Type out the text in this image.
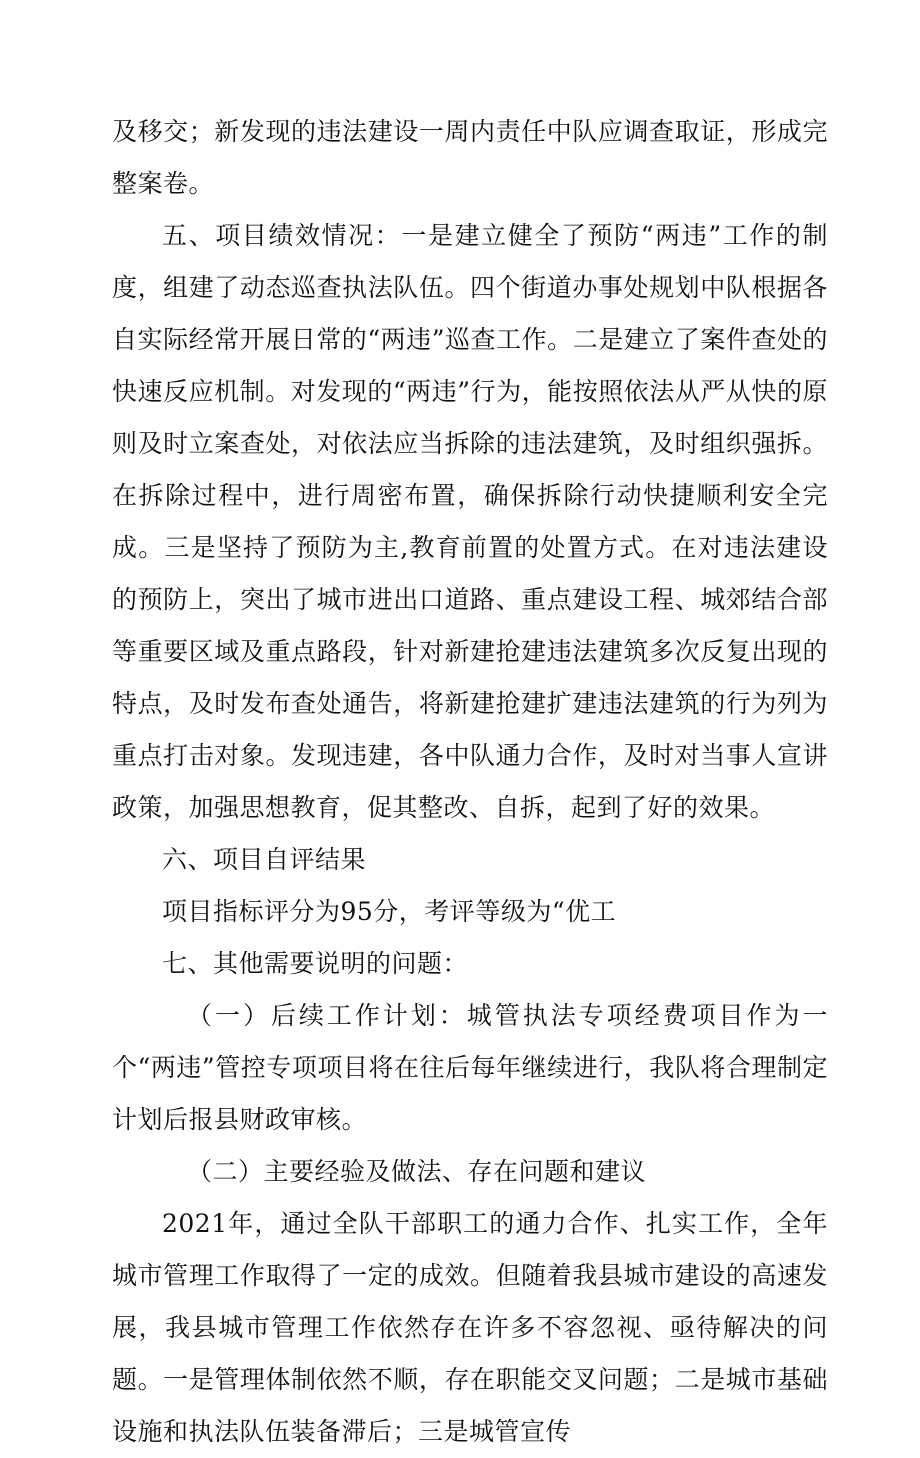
及移交；新发现的违法建设一周内责任中队应调查取证，形成完整案卷。

五、项目绩效情况：一是建立健全了预防“两违”工作的制度，组建了动态巡查执法队伍。四个街道办事处规划中队根据各自实际经常开展日常的“两违”巡查工作。二是建立了案件查处的快速反应机制。对发现的“两违”行为，能按照依法从严从快的原则及时立案查处，对依法应当拆除的违法建筑，及时组织强拆。在拆除过程中，进行周密布置，确保拆除行动快捷顺利安全完成。三是坚持了预防为主,教育前置的处置方式。在对违法建设的预防上，突出了城市进出口道路、重点建设工程、城郊结合部等重要区域及重点路段，针对新建抢建违法建筑多次反复出现的特点，及时发布查处通告，将新建抢建扩建违法建筑的行为列为重点打击对象。发现违建，各中队通力合作，及时对当事人宣讲政策，加强思想教育，促其整改、自拆，起到了好的效果。

六、项目自评结果

项目指标评分为95分，考评等级为“优工

七、其他需要说明的问题：

（一）后续工作计划：城管执法专项经费项目作为一个“两违”管控专项项目将在往后每年继续进行，我队将合理制定计划后报县财政审核。

（二）主要经验及做法、存在问题和建议

2021年，通过全队干部职工的通力合作、扎实工作，全年城市管理工作取得了一定的成效。但随着我县城市建设的高速发展，我县城市管理工作依然存在许多不容忽视、亟待解决的问题。一是管理体制依然不顺，存在职能交叉问题；二是城市基础设施和执法队伍装备滞后；三是城管宣传
